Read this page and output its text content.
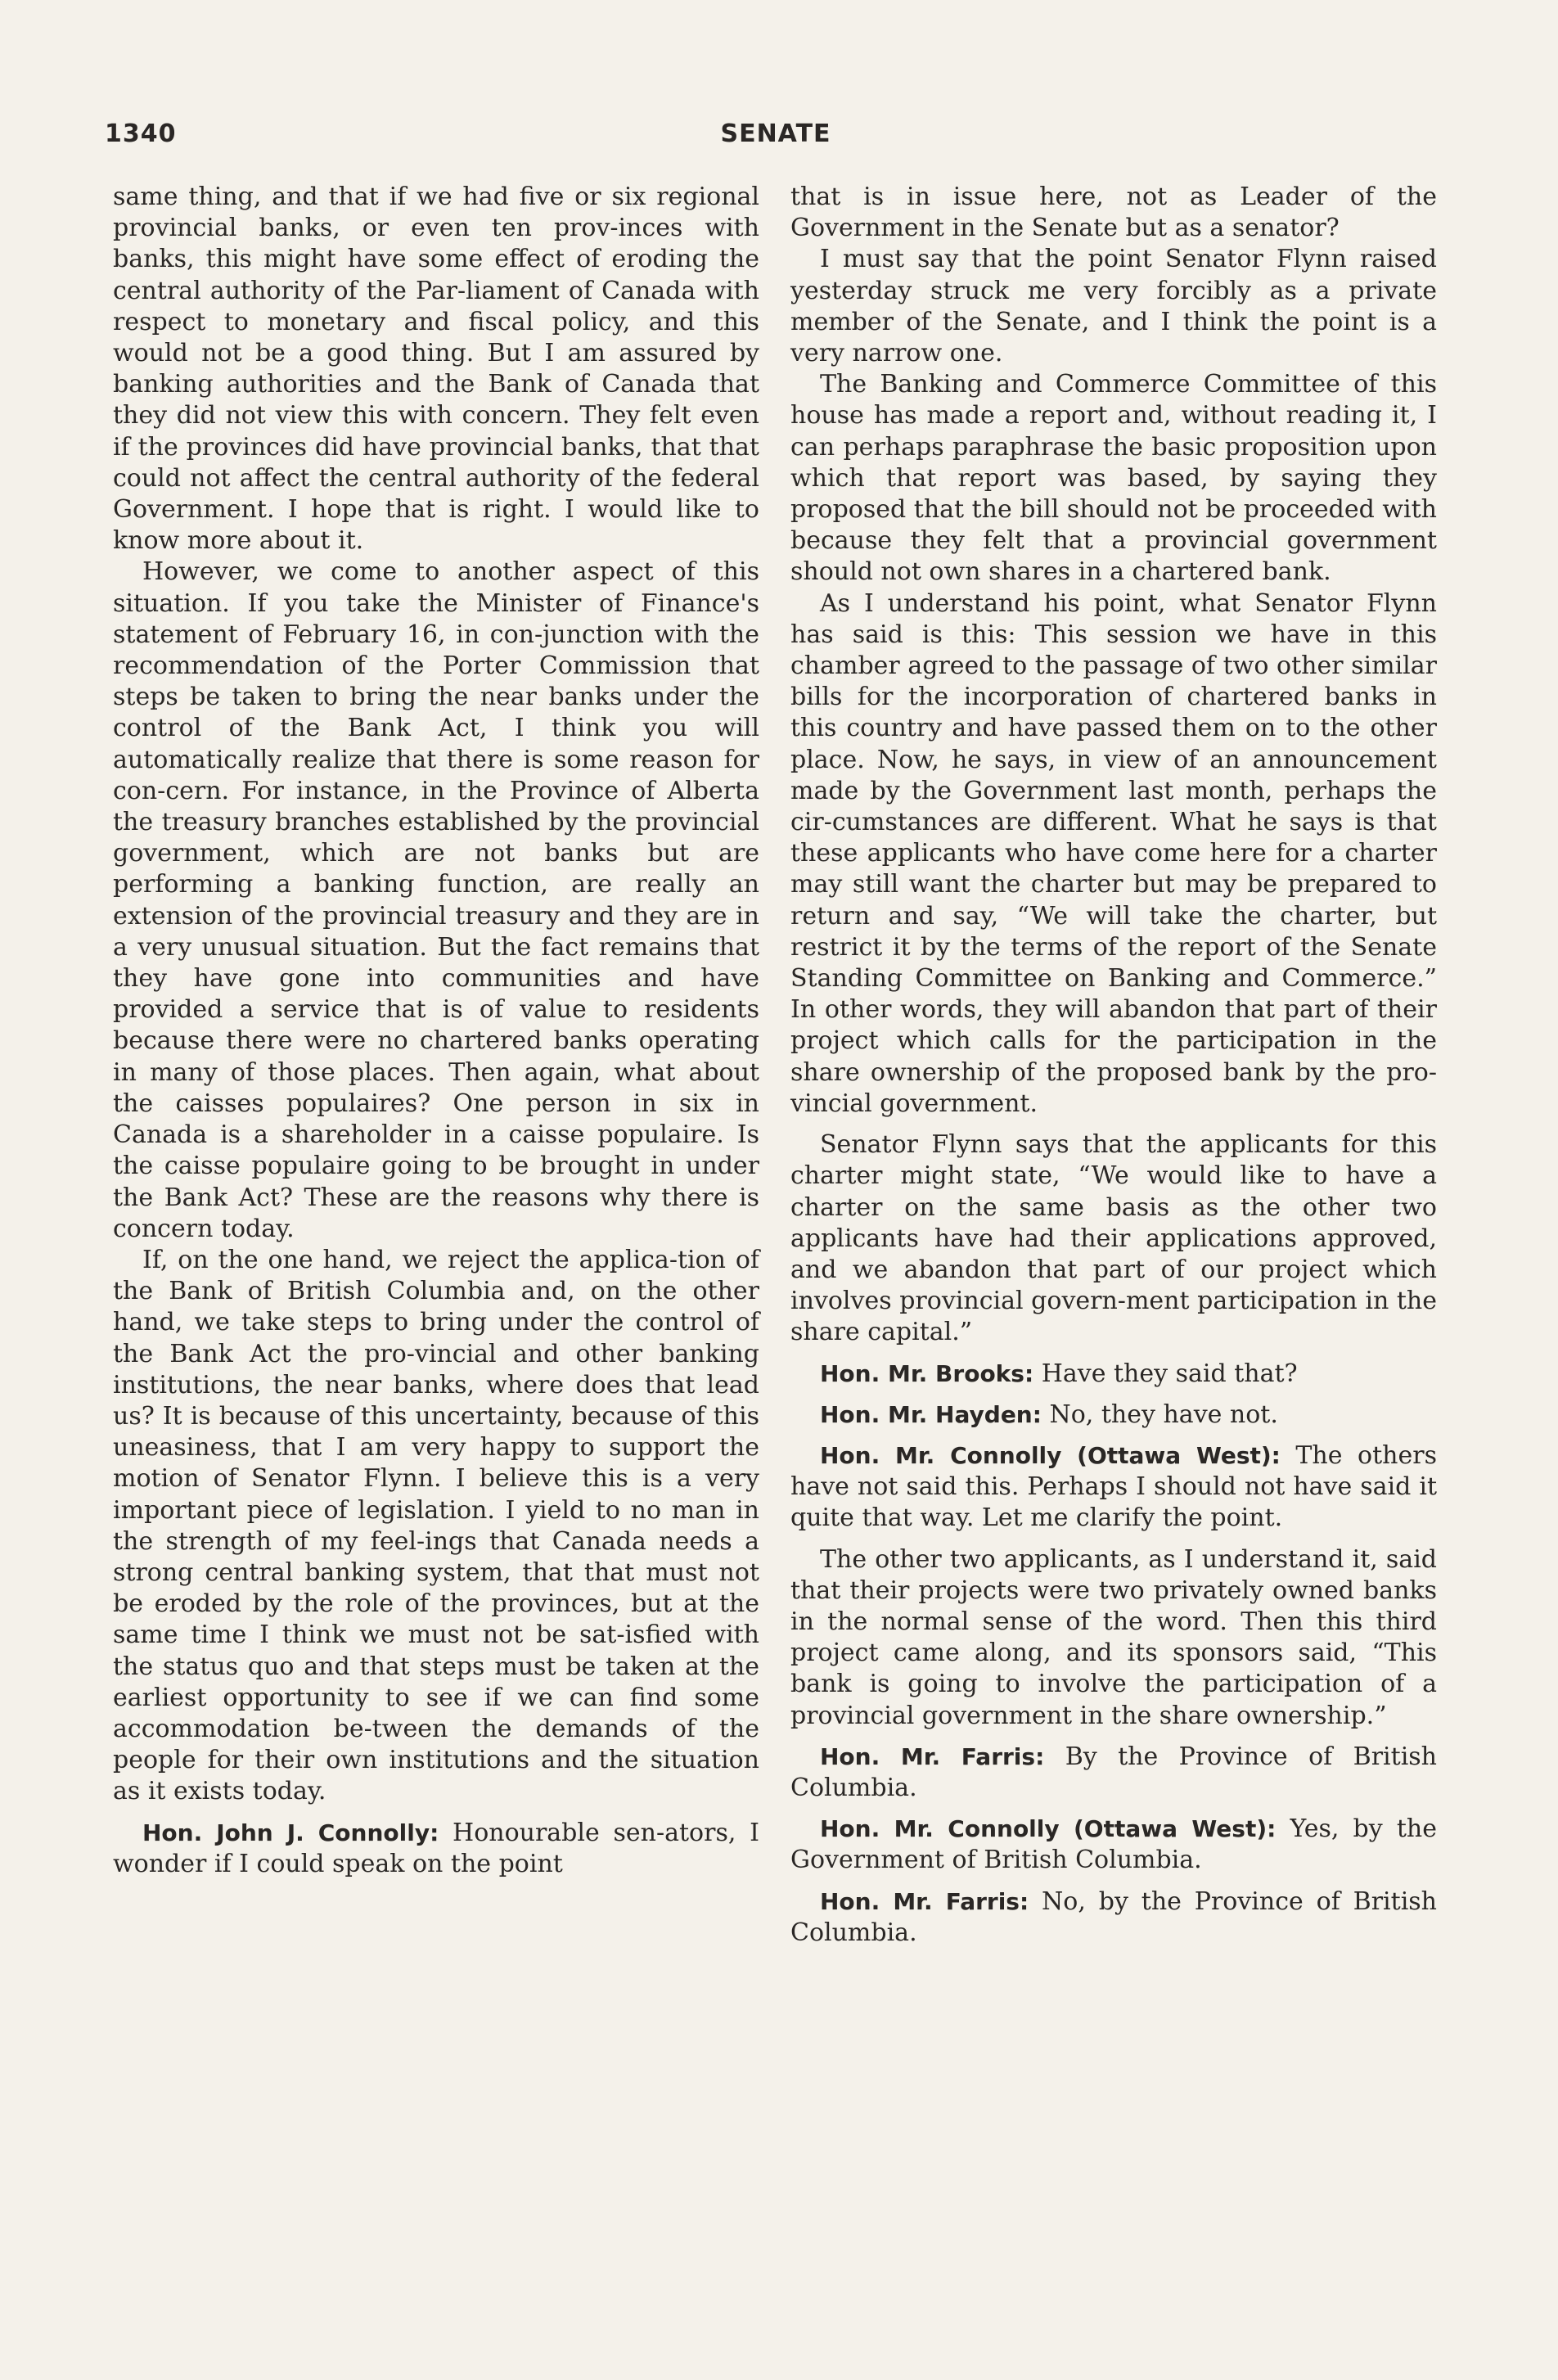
1340	SENATE

same thing, and that if we had five or six regional provincial banks, or even ten prov-inces with banks, this might have some effect of eroding the central authority of the Par-liament of Canada with respect to monetary and fiscal policy, and this would not be a good thing. But I am assured by banking authorities and the Bank of Canada that they did not view this with concern. They felt even if the provinces did have provincial banks, that that could not affect the central authority of the federal Government. I hope that is right. I would like to know more about it.

However, we come to another aspect of this situation. If you take the Minister of Finance's statement of February 16, in con-junction with the recommendation of the Porter Commission that steps be taken to bring the near banks under the control of the Bank Act, I think you will automatically realize that there is some reason for con-cern. For instance, in the Province of Alberta the treasury branches established by the provincial government, which are not banks but are performing a banking function, are really an extension of the provincial treasury and they are in a very unusual situation. But the fact remains that they have gone into communities and have provided a service that is of value to residents because there were no chartered banks operating in many of those places. Then again, what about the caisses populaires? One person in six in Canada is a shareholder in a caisse populaire. Is the caisse populaire going to be brought in under the Bank Act? These are the reasons why there is concern today.

If, on the one hand, we reject the applica-tion of the Bank of British Columbia and, on the other hand, we take steps to bring under the control of the Bank Act the pro-vincial and other banking institutions, the near banks, where does that lead us? It is because of this uncertainty, because of this uneasiness, that I am very happy to support the motion of Senator Flynn. I believe this is a very important piece of legislation. I yield to no man in the strength of my feel-ings that Canada needs a strong central banking system, that that must not be eroded by the role of the provinces, but at the same time I think we must not be sat-isfied with the status quo and that steps must be taken at the earliest opportunity to see if we can find some accommodation be-tween the demands of the people for their own institutions and the situation as it exists today.

Hon. John J. Connolly: Honourable sen-ators, I wonder if I could speak on the point

that is in issue here, not as Leader of the Government in the Senate but as a senator?

I must say that the point Senator Flynn raised yesterday struck me very forcibly as a private member of the Senate, and I think the point is a very narrow one.

The Banking and Commerce Committee of this house has made a report and, without reading it, I can perhaps paraphrase the basic proposition upon which that report was based, by saying they proposed that the bill should not be proceeded with because they felt that a provincial government should not own shares in a chartered bank.

As I understand his point, what Senator Flynn has said is this: This session we have in this chamber agreed to the passage of two other similar bills for the incorporation of chartered banks in this country and have passed them on to the other place. Now, he says, in view of an announcement made by the Government last month, perhaps the cir-cumstances are different. What he says is that these applicants who have come here for a charter may still want the charter but may be prepared to return and say, “We will take the charter, but restrict it by the terms of the report of the Senate Standing Committee on Banking and Commerce.” In other words, they will abandon that part of their project which calls for the participation in the share ownership of the proposed bank by the pro-vincial government.

Senator Flynn says that the applicants for this charter might state, “We would like to have a charter on the same basis as the other two applicants have had their applications approved, and we abandon that part of our project which involves provincial govern-ment participation in the share capital.”

Hon. Mr. Brooks: Have they said that?

Hon. Mr. Hayden: No, they have not.

Hon. Mr. Connolly (Ottawa West): The others have not said this. Perhaps I should not have said it quite that way. Let me clarify the point.

The other two applicants, as I understand it, said that their projects were two privately owned banks in the normal sense of the word. Then this third project came along, and its sponsors said, “This bank is going to involve the participation of a provincial government in the share ownership.”

Hon. Mr. Farris: By the Province of British Columbia.

Hon. Mr. Connolly (Ottawa West): Yes, by the Government of British Columbia.

Hon. Mr. Farris: No, by the Province of British Columbia.
